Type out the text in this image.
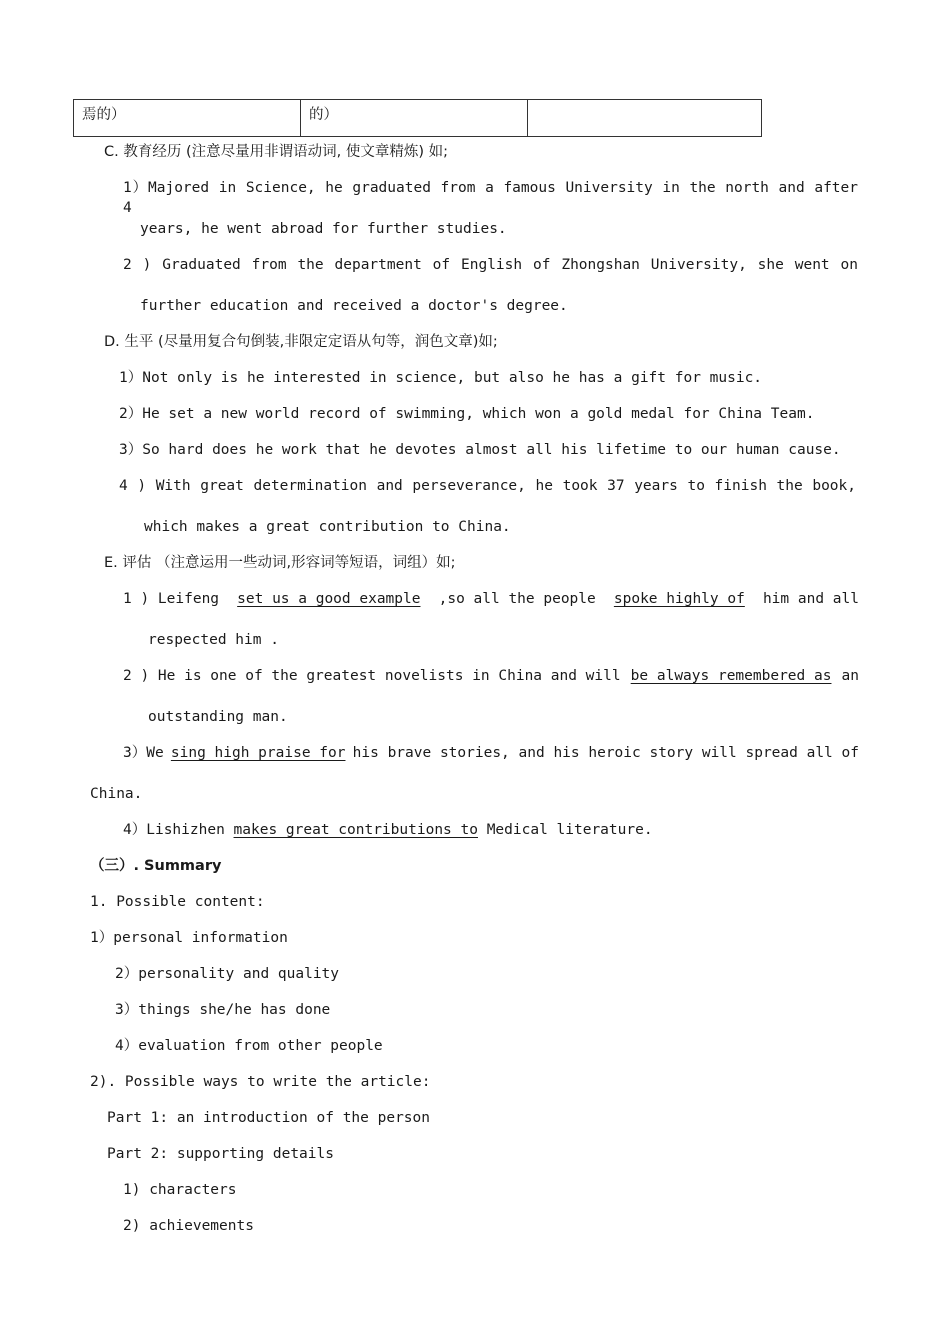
焉的）	的）	
C. 教育经历 (注意尽量用非谓语动词, 使文章精炼) 如;
1）Majored in Science, he graduated from a famous University in the north and after 4
years, he went abroad for further studies.
2 ) Graduated from the department of English of Zhongshan University, she went on
further education and received a doctor's degree.
D. 生平 (尽量用复合句倒装,非限定定语从句等，润色文章)如;
1）Not only is he interested in science, but also he has a gift for music.
2）He set a new world record of swimming, which won a gold medal for China Team.
3）So hard does he work that he devotes almost all his lifetime to our human cause.
4 ) With great determination and perseverance, he took 37 years to finish the book,
which makes a great contribution to China.
E. 评估 （注意运用一些动词,形容词等短语，词组）如;
1 ) Leifeng set us a good example ,so all the people spoke highly of him and all
respected him .
2 ) He is one of the greatest novelists in China and will be always remembered as an
outstanding man.
3）We sing high praise for his brave stories, and his heroic story will spread all of
China.
4）Lishizhen makes great contributions to Medical literature.
（三）. Summary
1. Possible content:
1）personal information
2）personality and quality
3）things she/he has done
4）evaluation from other people
2). Possible ways to write the article:
Part 1: an introduction of the person
Part 2: supporting details
1) characters
2) achievements
